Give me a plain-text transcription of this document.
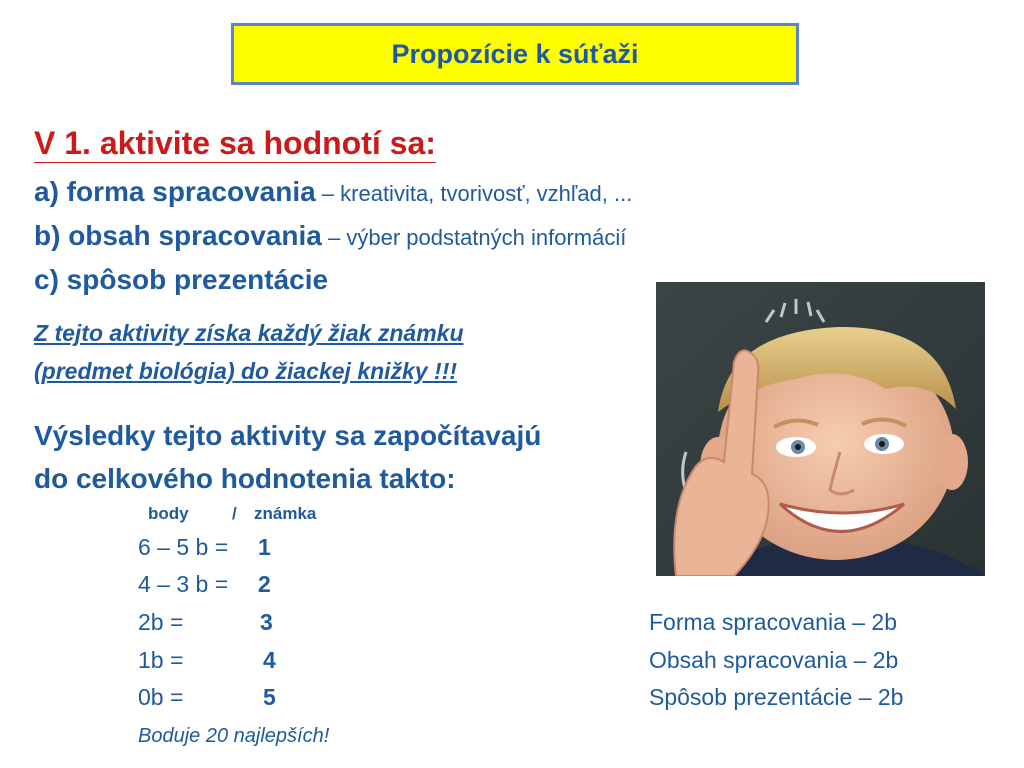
Propozície k súťaži
V 1. aktivite sa hodnotí sa:
a) forma spracovania – kreativita, tvorivosť, vzhľad, ...
b) obsah spracovania – výber podstatných informácií
c) spôsob prezentácie
Z tejto aktivity získa každý žiak známku
(predmet biológia) do žiackej knižky !!!
Výsledky tejto aktivity sa započítavajú
do celkového hodnotenia takto:
body	/ známka
6 – 5 b = 1
4 – 3 b = 2
2b =	3
1b =	4
0b =	5
Forma spracovania – 2b
Obsah spracovania – 2b
Spôsob prezentácie – 2b
Boduje 20 najlepších!
